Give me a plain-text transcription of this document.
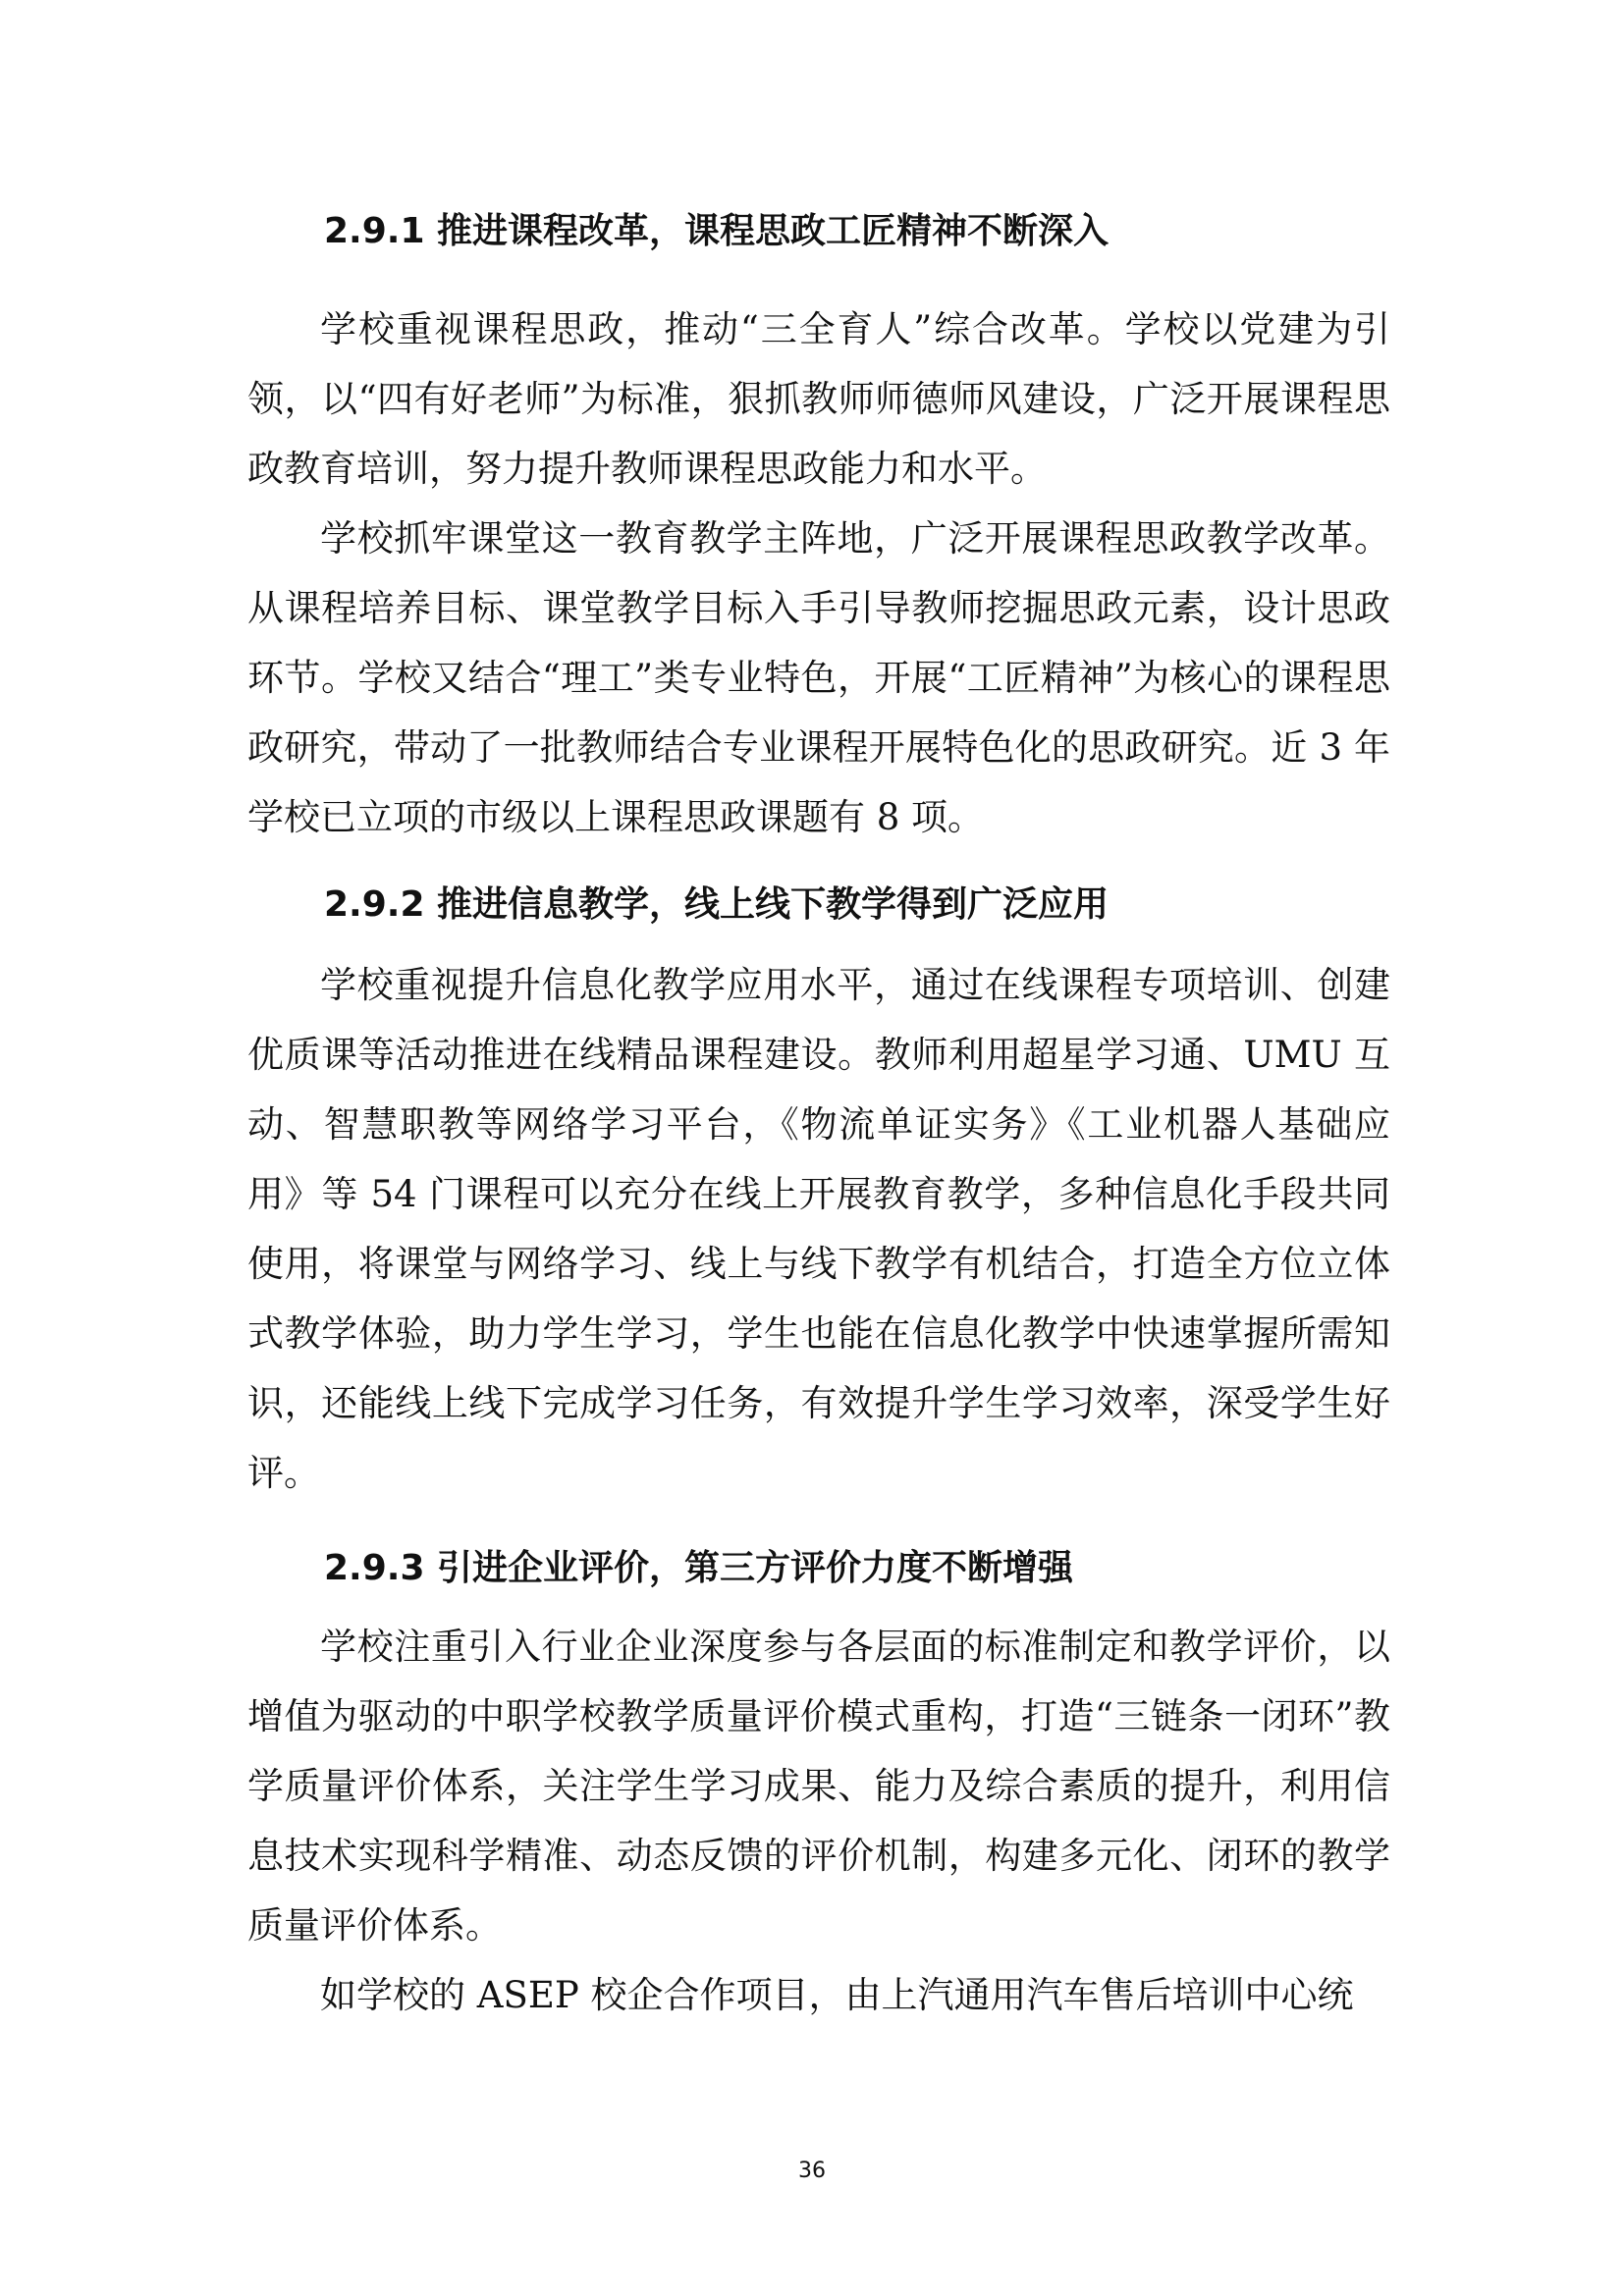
2.9.1 推进课程改革，课程思政工匠精神不断深入

学校重视课程思政，推动“三全育人”综合改革。学校以党建为引领，以“四有好老师”为标准，狠抓教师师德师风建设，广泛开展课程思政教育培训，努力提升教师课程思政能力和水平。

学校抓牢课堂这一教育教学主阵地，广泛开展课程思政教学改革。从课程培养目标、课堂教学目标入手引导教师挖掘思政元素，设计思政环节。学校又结合“理工”类专业特色，开展“工匠精神”为核心的课程思政研究，带动了一批教师结合专业课程开展特色化的思政研究。近 3 年学校已立项的市级以上课程思政课题有 8 项。

2.9.2 推进信息教学，线上线下教学得到广泛应用

学校重视提升信息化教学应用水平，通过在线课程专项培训、创建优质课等活动推进在线精品课程建设。教师利用超星学习通、UMU 互动、智慧职教等网络学习平台，《物流单证实务》《工业机器人基础应用》等 54 门课程可以充分在线上开展教育教学，多种信息化手段共同使用，将课堂与网络学习、线上与线下教学有机结合，打造全方位立体式教学体验，助力学生学习，学生也能在信息化教学中快速掌握所需知识，还能线上线下完成学习任务，有效提升学生学习效率，深受学生好评。

2.9.3 引进企业评价，第三方评价力度不断增强

学校注重引入行业企业深度参与各层面的标准制定和教学评价，以增值为驱动的中职学校教学质量评价模式重构，打造“三链条一闭环”教学质量评价体系，关注学生学习成果、能力及综合素质的提升，利用信息技术实现科学精准、动态反馈的评价机制，构建多元化、闭环的教学质量评价体系。

如学校的 ASEP 校企合作项目，由上汽通用汽车售后培训中心统

36
